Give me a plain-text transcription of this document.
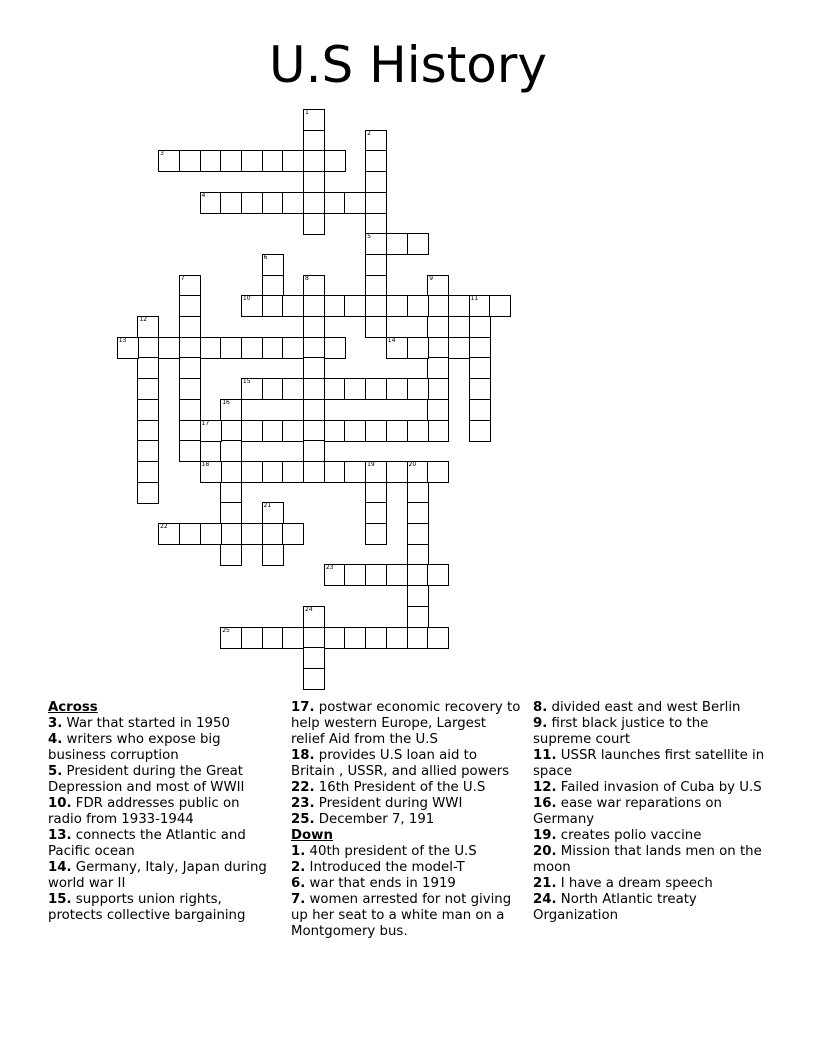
U.S History
1
2
5
3
4
6
7	8	9
10	11
12
13	14
15
16
17
18	19	20
21
22
23
24
25
Across
3. War that started in 1950
4. writers who expose big business corruption
5. President during the Great Depression and most of WWII
10. FDR addresses public on radio from 1933-1944
13. connects the Atlantic and Pacific ocean
14. Germany, Italy, Japan during world war II
15. supports union rights, protects collective bargaining
17. postwar economic recovery to help western Europe, Largest relief Aid from the U.S
18. provides U.S loan aid to Britain , USSR, and allied powers
22. 16th President of the U.S
23. President during WWI
25. December 7, 191
Down
1. 40th president of the U.S
2. Introduced the model-T
6. war that ends in 1919
7. women arrested for not giving up her seat to a white man on a Montgomery bus.
8. divided east and west Berlin
9. first black justice to the supreme court
11. USSR launches first satellite in space
12. Failed invasion of Cuba by U.S
16. ease war reparations on Germany
19. creates polio vaccine
20. Mission that lands men on the moon
21. I have a dream speech
24. North Atlantic treaty Organization
